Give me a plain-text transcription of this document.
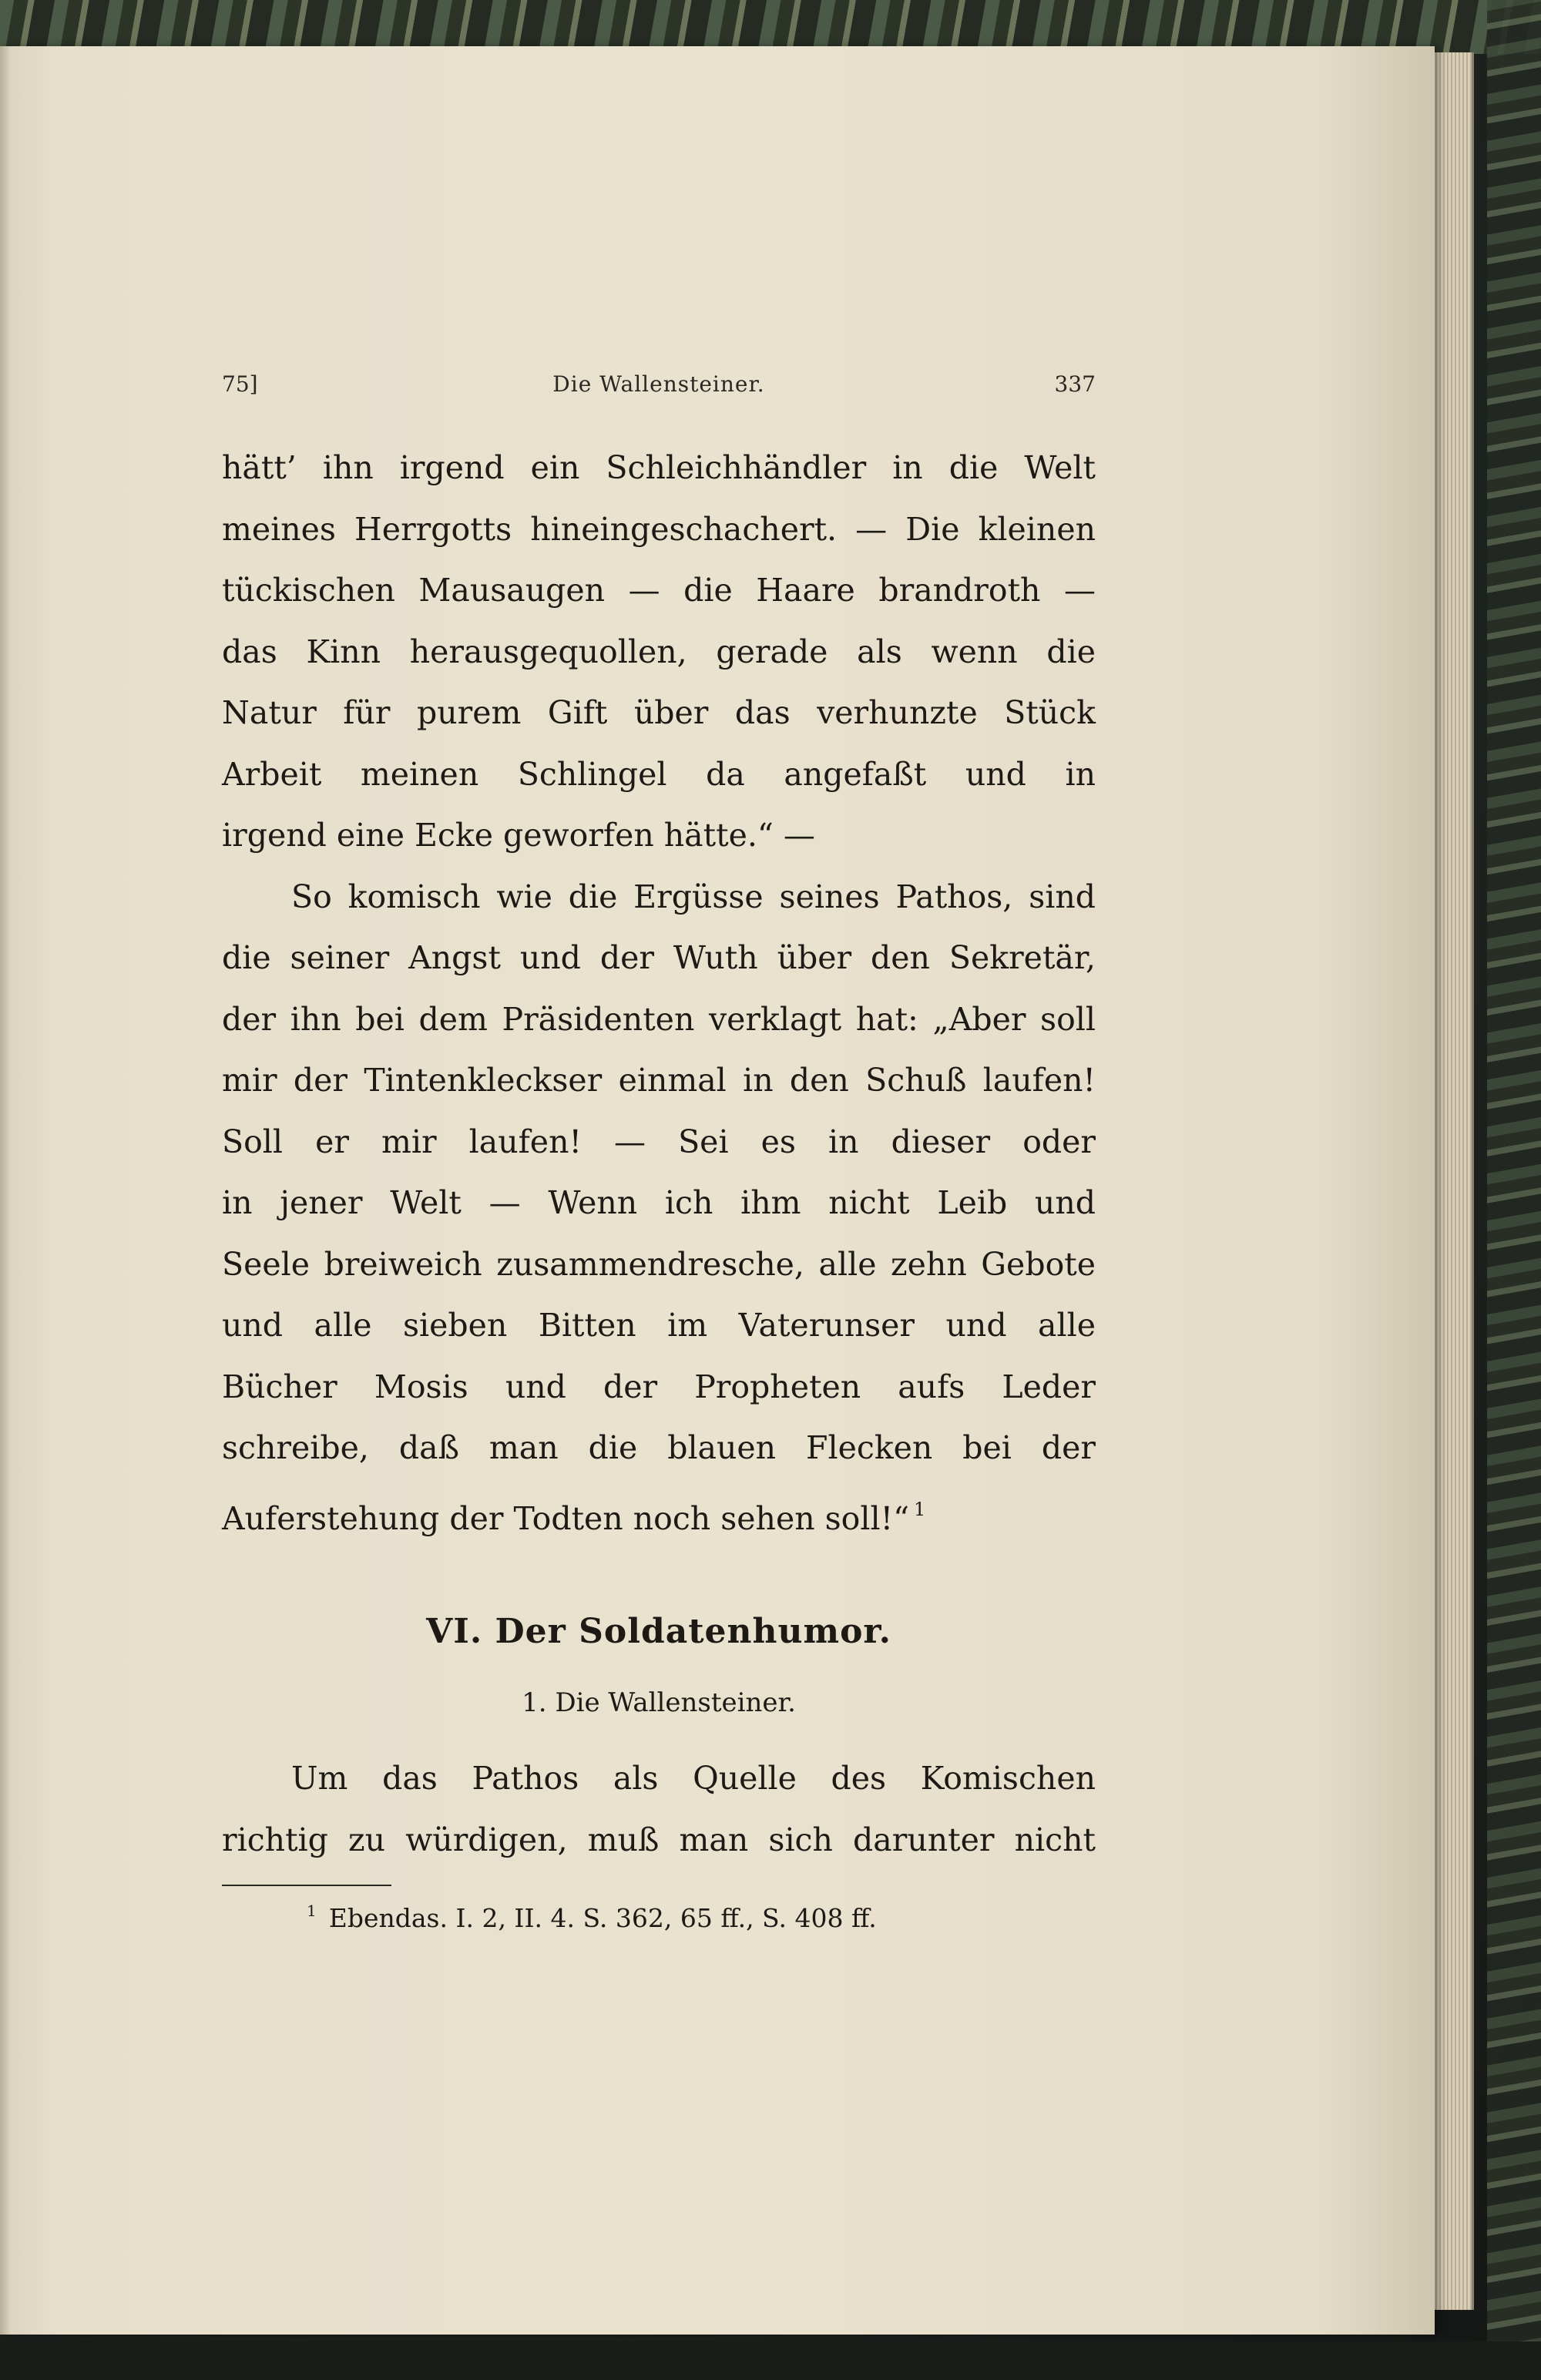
75]	Die Wallensteiner.	337
hätt’ ihn irgend ein Schleichhändler in die Welt
meines Herrgotts hineingeschachert. — Die kleinen
tückischen Mausaugen — die Haare brandroth —
das Kinn herausgequollen, gerade als wenn die
Natur für purem Gift über das verhunzte Stück
Arbeit meinen Schlingel da angefaßt und in
irgend eine Ecke geworfen hätte.“ —
So komisch wie die Ergüsse seines Pathos, sind
die seiner Angst und der Wuth über den Sekretär,
der ihn bei dem Präsidenten verklagt hat: „Aber soll
mir der Tintenkleckser einmal in den Schuß laufen!
Soll er mir laufen! — Sei es in dieser oder
in jener Welt — Wenn ich ihm nicht Leib und
Seele breiweich zusammendresche, alle zehn Gebote
und alle sieben Bitten im Vaterunser und alle
Bücher Mosis und der Propheten aufs Leder
schreibe, daß man die blauen Flecken bei der
Auferstehung der Todten noch sehen soll!“ $^1$
VI. Der Soldatenhumor.
1. Die Wallensteiner.
Um das Pathos als Quelle des Komischen
richtig zu würdigen, muß man sich darunter nicht
$^1$ Ebendas. I. 2, II. 4. S. 362, 65 ff., S. 408 ff.
